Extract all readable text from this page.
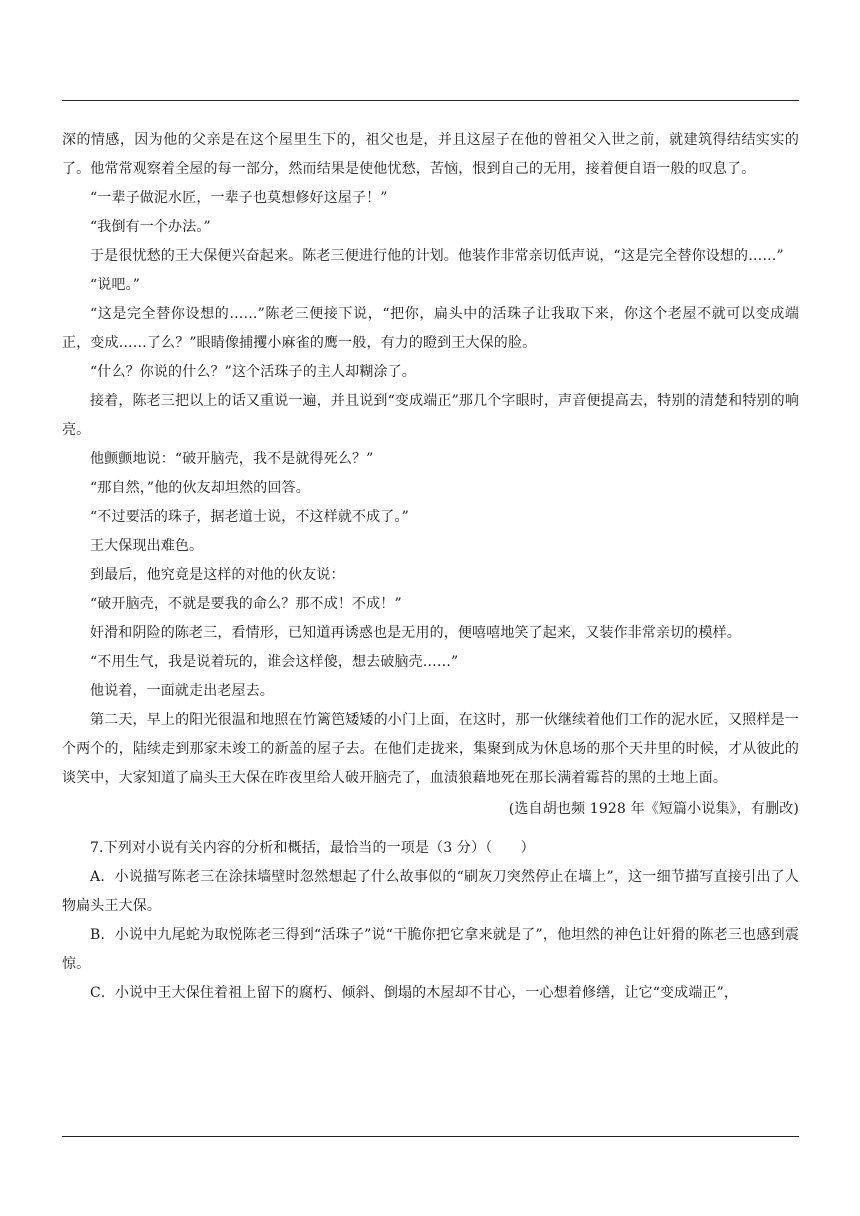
深的情感，因为他的父亲是在这个屋里生下的，祖父也是，并且这屋子在他的曾祖父入世之前，就建筑得结结实实的了。他常常观察着全屋的每一部分，然而结果是使他忧愁，苦恼，恨到自己的无用，接着便自语一般的叹息了。

“一辈子做泥水匠，一辈子也莫想修好这屋子！”

“我倒有一个办法。”

于是很忧愁的王大保便兴奋起来。陈老三便进行他的计划。他装作非常亲切低声说，“这是完全替你设想的……”

“说吧。”

“这是完全替你设想的……”陈老三便接下说，“把你，扁头中的活珠子让我取下来，你这个老屋不就可以变成端正，变成……了么？”眼睛像捕攫小麻雀的鹰一般，有力的瞪到王大保的脸。

“什么？你说的什么？”这个活珠子的主人却糊涂了。

接着，陈老三把以上的话又重说一遍，并且说到“变成端正”那几个字眼时，声音便提高去，特别的清楚和特别的响亮。

他颤颤地说：“破开脑壳，我不是就得死么？”

“那自然，”他的伙友却坦然的回答。

“不过要活的珠子，据老道士说，不这样就不成了。”

王大保现出难色。

到最后，他究竟是这样的对他的伙友说：

“破开脑壳，不就是要我的命么？那不成！不成！”

奸滑和阴险的陈老三，看情形，已知道再诱惑也是无用的，便嘻嘻地笑了起来，又装作非常亲切的模样。

“不用生气，我是说着玩的，谁会这样傻，想去破脑壳……”

他说着，一面就走出老屋去。

第二天，早上的阳光很温和地照在竹篱笆矮矮的小门上面，在这时，那一伙继续着他们工作的泥水匠，又照样是一个两个的，陆续走到那家未竣工的新盖的屋子去。在他们走拢来，集聚到成为休息场的那个天井里的时候，才从彼此的谈笑中，大家知道了扁头王大保在昨夜里给人破开脑壳了，血渍狼藉地死在那长满着霉苔的黑的土地上面。

(选自胡也频 1928 年《短篇小说集》，有删改)

7.下列对小说有关内容的分析和概括，最恰当的一项是（3 分）（　　）

A．小说描写陈老三在涂抹墙壁时忽然想起了什么故事似的“刷灰刀突然停止在墙上”，这一细节描写直接引出了人物扁头王大保。

B．小说中九尾蛇为取悦陈老三得到“活珠子”说“干脆你把它拿来就是了”，他坦然的神色让奸猾的陈老三也感到震惊。

C．小说中王大保住着祖上留下的腐朽、倾斜、倒塌的木屋却不甘心，一心想着修缮，让它“变成端正”，
